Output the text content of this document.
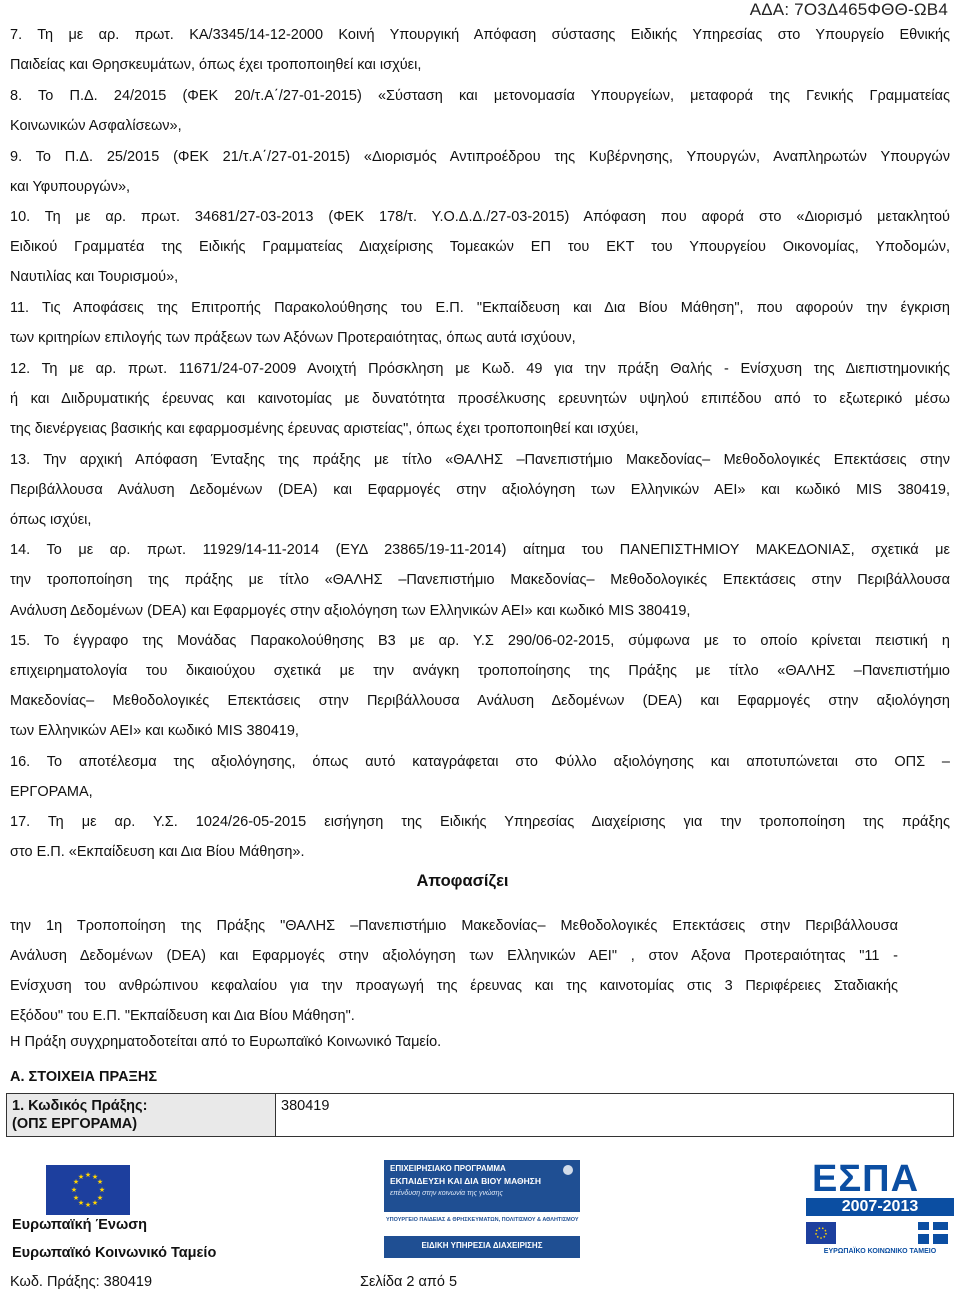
ΑΔΑ: 7Ο3Δ465ΦΘΘ-ΩΒ4
7. Τη με αρ. πρωτ. ΚΑ/3345/14-12-2000 Κοινή Υπουργική Απόφαση σύστασης Ειδικής Υπηρεσίας στο Υπουργείο Εθνικής
Παιδείας και Θρησκευμάτων, όπως έχει τροποποιηθεί και ισχύει,
8. Το Π.Δ. 24/2015 (ΦΕΚ 20/τ.Α΄/27-01-2015) «Σύσταση και μετονομασία Υπουργείων, μεταφορά της Γενικής Γραμματείας
Κοινωνικών Ασφαλίσεων»,
9. Το Π.Δ. 25/2015 (ΦΕΚ 21/τ.Α΄/27-01-2015) «Διορισμός Αντιπροέδρου της Κυβέρνησης, Υπουργών, Αναπληρωτών Υπουργών
και Υφυπουργών»,
10. Τη με αρ. πρωτ. 34681/27-03-2013 (ΦΕΚ 178/τ. Υ.Ο.Δ.Δ./27-03-2015) Απόφαση που αφορά στο «Διορισμό μετακλητού
Ειδικού Γραμματέα της Ειδικής Γραμματείας Διαχείρισης Τομεακών ΕΠ του ΕΚΤ του Υπουργείου Οικονομίας, Υποδομών,
Ναυτιλίας και Τουρισμού»,
11. Τις Αποφάσεις της Επιτροπής Παρακολούθησης του Ε.Π. "Εκπαίδευση και Δια Βίου Μάθηση", που αφορούν την έγκριση
των κριτηρίων επιλογής των πράξεων των Αξόνων Προτεραιότητας, όπως αυτά ισχύουν,
12. Τη με αρ. πρωτ. 11671/24-07-2009 Ανοιχτή Πρόσκληση με Κωδ. 49 για την πράξη Θαλής - Ενίσχυση της Διεπιστημονικής
ή και Διιδρυματικής έρευνας και καινοτομίας με δυνατότητα πρoσέλκυσης ερευνητών υψηλού επιπέδου από το εξωτερικό μέσω
της διενέργειας βασικής και εφαρμοσμένης έρευνας αριστείας", όπως έχει τροποποιηθεί και ισχύει,
13. Την αρχική Απόφαση Ένταξης της πράξης με τίτλο «ΘΑΛΗΣ –Πανεπιστήμιο Μακεδονίας– Μεθοδολογικές Επεκτάσεις στην
Περιβάλλουσα Ανάλυση Δεδομένων (DEA) και Εφαρμογές στην αξιολόγηση των Ελληνικών ΑΕΙ» και κωδικό MIS 380419,
όπως ισχύει,
14. Το με αρ. πρωτ. 11929/14-11-2014 (ΕΥΔ 23865/19-11-2014) αίτημα του ΠΑΝΕΠΙΣΤΗΜΙΟΥ ΜΑΚΕΔΟΝΙΑΣ, σχετικά με
την τροποποίηση της πράξης με τίτλο «ΘΑΛΗΣ –Πανεπιστήμιο Μακεδονίας– Μεθοδολογικές Επεκτάσεις στην Περιβάλλουσα
Ανάλυση Δεδομένων (DEA) και Εφαρμογές στην αξιολόγηση των Ελληνικών ΑΕΙ» και κωδικό MIS 380419,
15. Το έγγραφο της Μονάδας Παρακολούθησης Β3 με αρ. Υ.Σ 290/06-02-2015, σύμφωνα με το οποίο κρίνεται πειστική η
επιχειρηματολογία του δικαιούχου σχετικά με την ανάγκη τροποποίησης της Πράξης με τίτλο «ΘΑΛΗΣ –Πανεπιστήμιο
Μακεδονίας– Μεθοδολογικές Επεκτάσεις στην Περιβάλλουσα Ανάλυση Δεδομένων (DEA) και Εφαρμογές στην αξιολόγηση
των Ελληνικών ΑΕΙ» και κωδικό MIS 380419,
16. Το αποτέλεσμα της αξιολόγησης, όπως αυτό καταγράφεται στο Φύλλο αξιολόγησης και αποτυπώνεται στο ΟΠΣ –
ΕΡΓΟΡΑΜΑ,
17. Τη με αρ. Υ.Σ. 1024/26-05-2015 εισήγηση της Ειδικής Υπηρεσίας Διαχείρισης για την τροποποίηση της πράξης
στο Ε.Π. «Εκπαίδευση και Δια Βίου Μάθηση».
Αποφασίζει
την 1η Τροποποίηση της Πράξης "ΘΑΛΗΣ –Πανεπιστήμιο Μακεδονίας– Μεθοδολογικές Επεκτάσεις στην Περιβάλλουσα
Ανάλυση Δεδομένων (DEA) και Εφαρμογές στην αξιολόγηση των Ελληνικών ΑΕΙ" , στον Αξονα Προτεραιότητας "11 -
Ενίσχυση του ανθρώπινου κεφαλαίου για την προαγωγή της έρευνας και της καινοτομίας στις 3 Περιφέρειες Σταδιακής
Εξόδου" του Ε.Π. "Εκπαίδευση και Δια Βίου Μάθηση".
Η Πράξη συγχρηματοδοτείται από το Ευρωπαϊκό Κοινωνικό Ταμείο.
Α. ΣΤΟΙΧΕΙΑ ΠΡΑΞΗΣ
1. Κωδικός Πράξης:
(ΟΠΣ ΕΡΓΟΡΑΜΑ)
	380419
★ ★
★
★
★
★
★
★
★
★
★
★
Ευρωπαϊκή Ένωση
Ευρωπαϊκό Κοινωνικό Ταμείο
ΕΠΙΧΕΙΡΗΣΙΑΚΟ ΠΡΟΓΡΑΜΜΑ
ΕΚΠΑΙΔΕΥΣΗ ΚΑΙ ΔΙΑ ΒΙΟΥ ΜΑΘΗΣΗ
επένδυση στην κοινωνία της γνώσης
ΥΠΟΥΡΓΕΙΟ ΠΑΙΔΕΙΑΣ & ΘΡΗΣΚΕΥΜΑΤΩΝ, ΠΟΛΙΤΙΣΜΟΥ & ΑΘΛΗΤΙΣΜΟΥ
ΕΙΔΙΚΗ ΥΠΗΡΕΣΙΑ ΔΙΑΧΕΙΡΙΣΗΣ
ΕΣΠΑ
2007-2013
ΕΥΡΩΠΑΪΚΟ ΚΟΙΝΩΝΙΚΟ ΤΑΜΕΙΟ
Κωδ. Πράξης: 380419	Σελίδα 2 από 5
